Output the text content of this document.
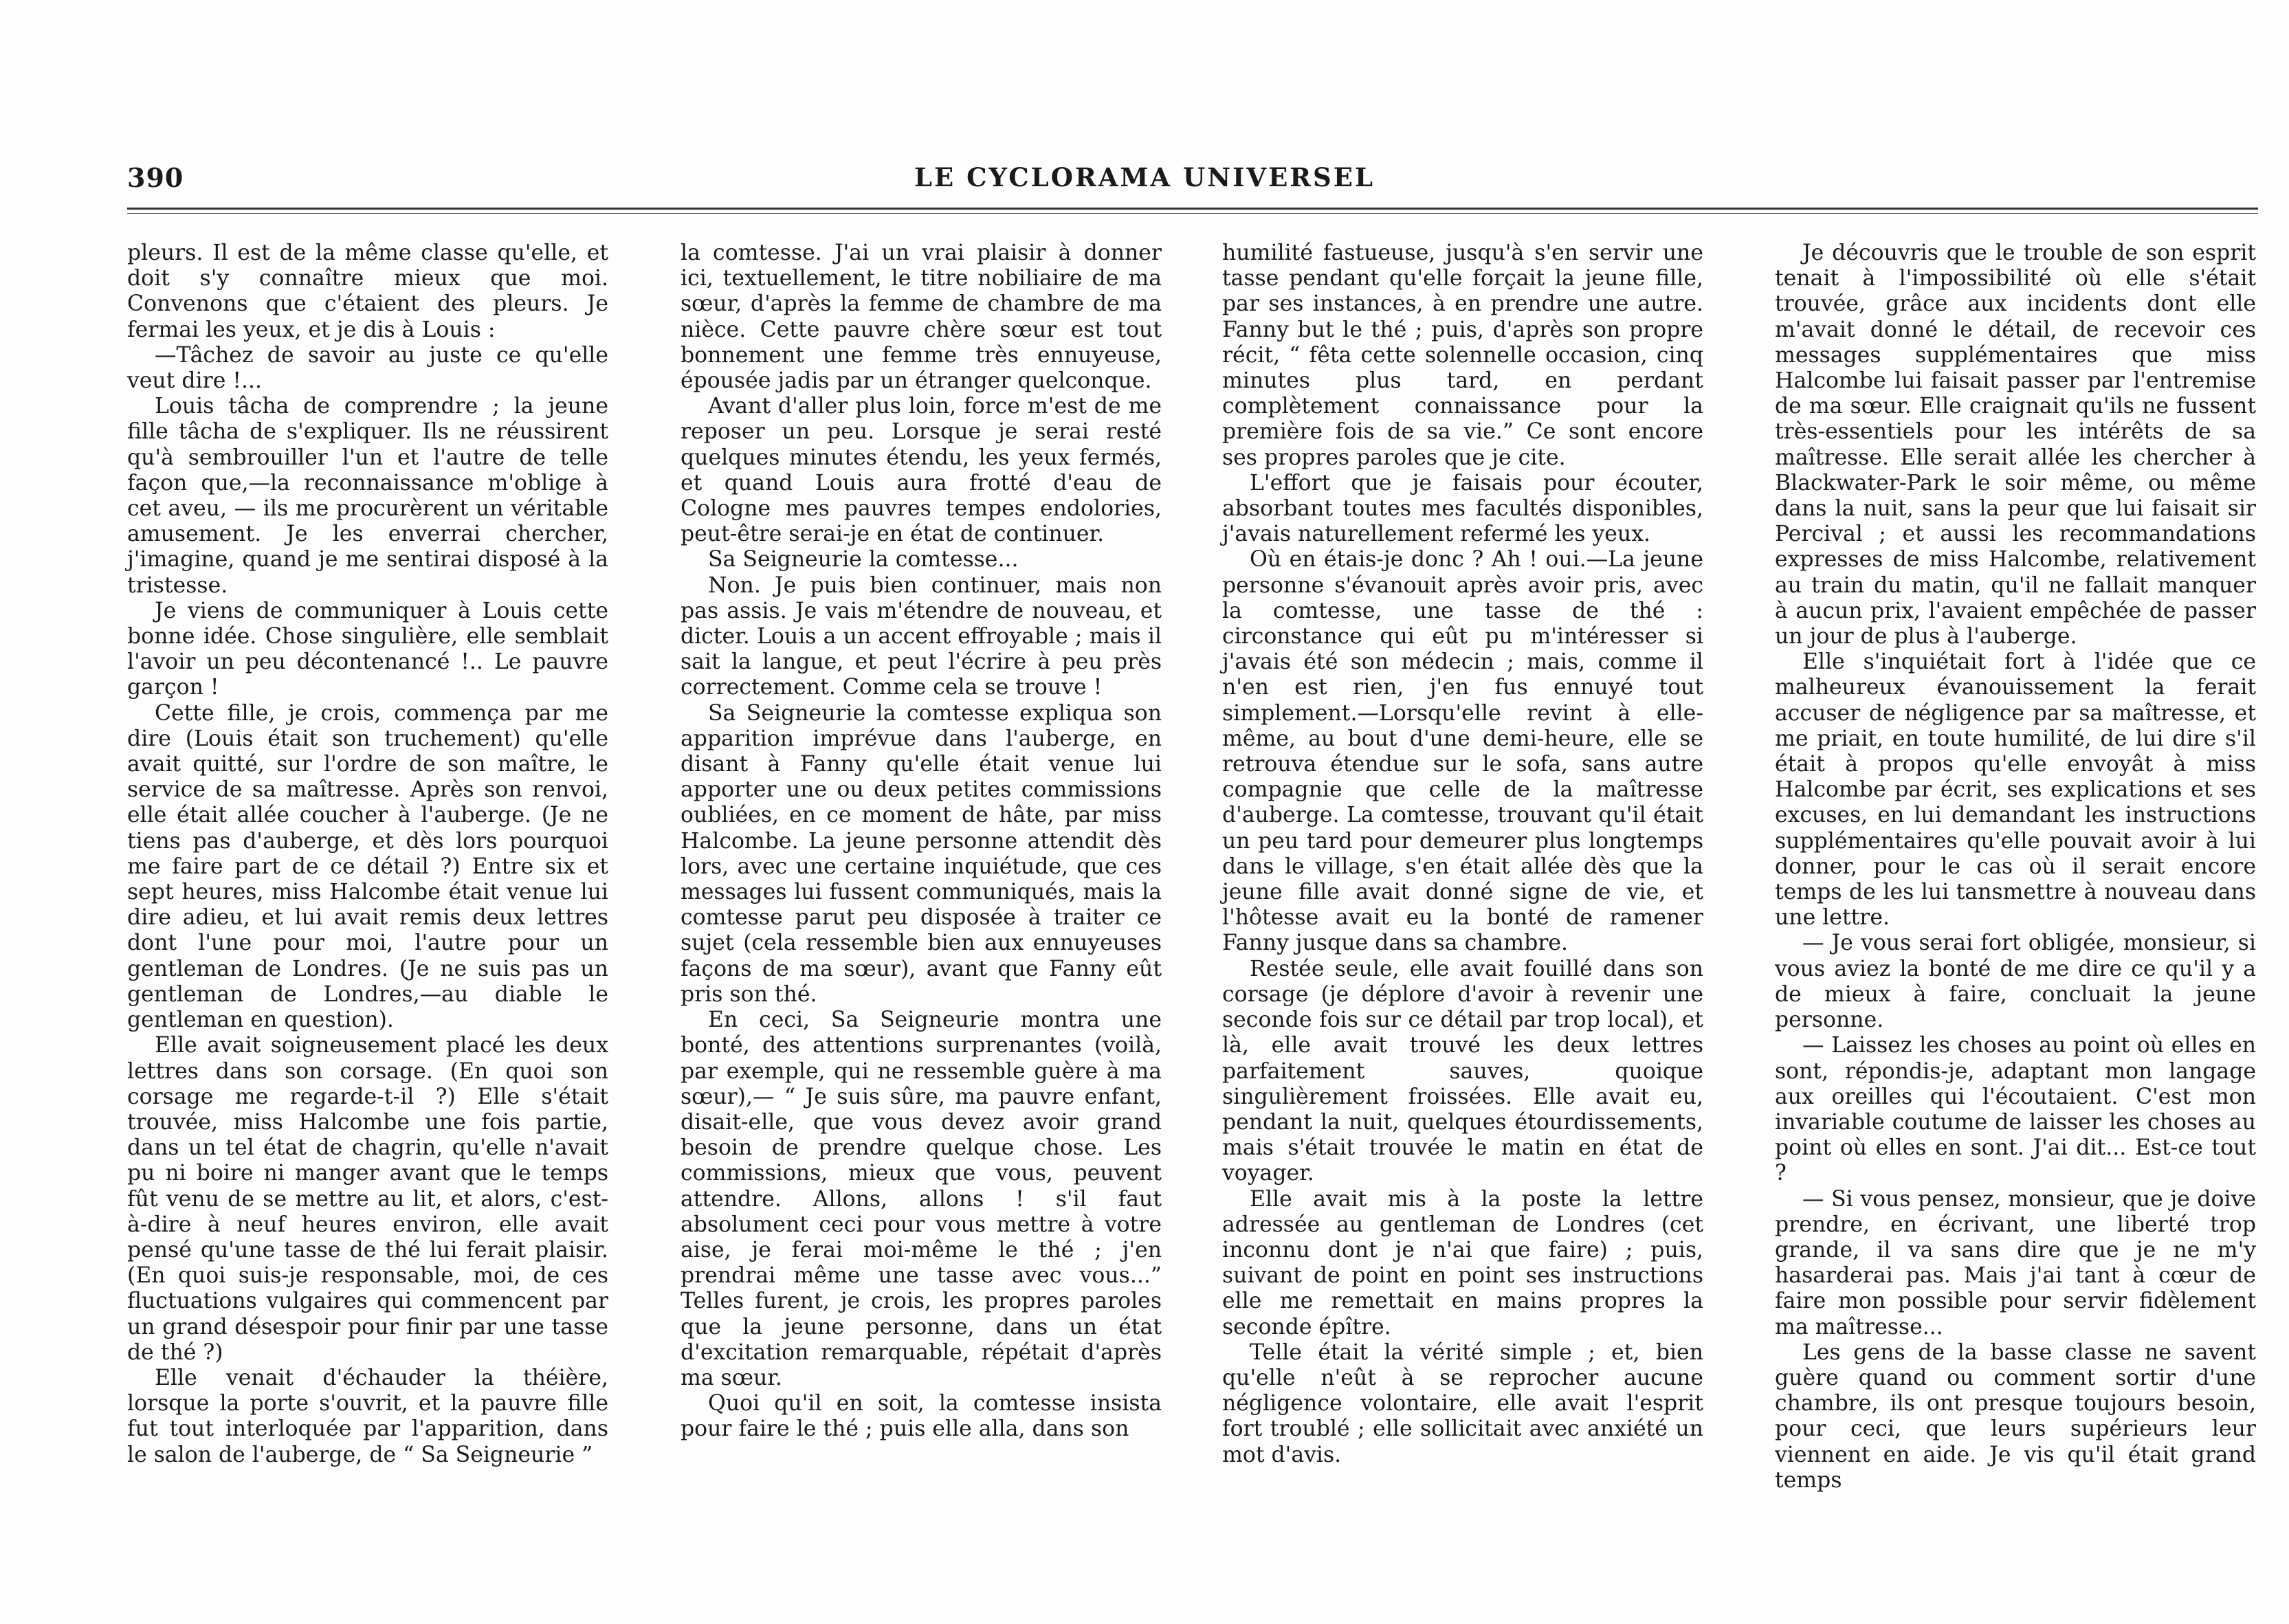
390	LE CYCLORAMA UNIVERSEL

pleurs. Il est de la même classe qu'elle, et doit s'y connaître mieux que moi. Convenons que c'étaient des pleurs. Je fermai les yeux, et je dis à Louis :

—Tâchez de savoir au juste ce qu'elle veut dire !...

Louis tâcha de comprendre ; la jeune fille tâcha de s'expliquer. Ils ne réussirent qu'à sembrouiller l'un et l'autre de telle façon que,—la reconnaissance m'oblige à cet aveu, — ils me procurèrent un véritable amusement. Je les enverrai chercher, j'imagine, quand je me sentirai disposé à la tristesse.

Je viens de communiquer à Louis cette bonne idée. Chose singulière, elle semblait l'avoir un peu décontenancé !.. Le pauvre garçon !

Cette fille, je crois, commença par me dire (Louis était son truchement) qu'elle avait quitté, sur l'ordre de son maître, le service de sa maîtresse. Après son renvoi, elle était allée coucher à l'auberge. (Je ne tiens pas d'auberge, et dès lors pourquoi me faire part de ce détail ?) Entre six et sept heures, miss Halcombe était venue lui dire adieu, et lui avait remis deux lettres dont l'une pour moi, l'autre pour un gentleman de Londres. (Je ne suis pas un gentleman de Londres,—au diable le gentleman en question).

Elle avait soigneusement placé les deux lettres dans son corsage. (En quoi son corsage me regarde-t-il ?) Elle s'était trouvée, miss Halcombe une fois partie, dans un tel état de chagrin, qu'elle n'avait pu ni boire ni manger avant que le temps fût venu de se mettre au lit, et alors, c'est-à-dire à neuf heures environ, elle avait pensé qu'une tasse de thé lui ferait plaisir. (En quoi suis-je responsable, moi, de ces fluctuations vulgaires qui commencent par un grand désespoir pour finir par une tasse de thé ?)

Elle venait d'échauder la théière, lorsque la porte s'ouvrit, et la pauvre fille fut tout interloquée par l'apparition, dans le salon de l'auberge, de “ Sa Seigneurie ”

la comtesse. J'ai un vrai plaisir à donner ici, textuellement, le titre nobiliaire de ma sœur, d'après la femme de chambre de ma nièce. Cette pauvre chère sœur est tout bonnement une femme très ennuyeuse, épousée jadis par un étranger quelconque.

Avant d'aller plus loin, force m'est de me reposer un peu. Lorsque je serai resté quelques minutes étendu, les yeux fermés, et quand Louis aura frotté d'eau de Cologne mes pauvres tempes endolories, peut-être serai-je en état de continuer.

Sa Seigneurie la comtesse...

Non. Je puis bien continuer, mais non pas assis. Je vais m'étendre de nouveau, et dicter. Louis a un accent effroyable ; mais il sait la langue, et peut l'écrire à peu près correctement. Comme cela se trouve !

Sa Seigneurie la comtesse expliqua son apparition imprévue dans l'auberge, en disant à Fanny qu'elle était venue lui apporter une ou deux petites commissions oubliées, en ce moment de hâte, par miss Halcombe. La jeune personne attendit dès lors, avec une certaine inquiétude, que ces messages lui fussent communiqués, mais la comtesse parut peu disposée à traiter ce sujet (cela ressemble bien aux ennuyeuses façons de ma sœur), avant que Fanny eût pris son thé.

En ceci, Sa Seigneurie montra une bonté, des attentions surprenantes (voilà, par exemple, qui ne ressemble guère à ma sœur),— “ Je suis sûre, ma pauvre enfant, disait-elle, que vous devez avoir grand besoin de prendre quelque chose. Les commissions, mieux que vous, peuvent attendre. Allons, allons ! s'il faut absolument ceci pour vous mettre à votre aise, je ferai moi-même le thé ; j'en prendrai même une tasse avec vous...” Telles furent, je crois, les propres paroles que la jeune personne, dans un état d'excitation remarquable, répétait d'après ma sœur.

Quoi qu'il en soit, la comtesse insista pour faire le thé ; puis elle alla, dans son

humilité fastueuse, jusqu'à s'en servir une tasse pendant qu'elle forçait la jeune fille, par ses instances, à en prendre une autre. Fanny but le thé ; puis, d'après son propre récit, “ fêta cette solennelle occasion, cinq minutes plus tard, en perdant complètement connaissance pour la première fois de sa vie.” Ce sont encore ses propres paroles que je cite.

L'effort que je faisais pour écouter, absorbant toutes mes facultés disponibles, j'avais naturellement refermé les yeux.

Où en étais-je donc ? Ah ! oui.—La jeune personne s'évanouit après avoir pris, avec la comtesse, une tasse de thé : circonstance qui eût pu m'intéresser si j'avais été son médecin ; mais, comme il n'en est rien, j'en fus ennuyé tout simplement.—Lorsqu'elle revint à elle-même, au bout d'une demi-heure, elle se retrouva étendue sur le sofa, sans autre compagnie que celle de la maîtresse d'auberge. La comtesse, trouvant qu'il était un peu tard pour demeurer plus longtemps dans le village, s'en était allée dès que la jeune fille avait donné signe de vie, et l'hôtesse avait eu la bonté de ramener Fanny jusque dans sa chambre.

Restée seule, elle avait fouillé dans son corsage (je déplore d'avoir à revenir une seconde fois sur ce détail par trop local), et là, elle avait trouvé les deux lettres parfaitement sauves, quoique singulièrement froissées. Elle avait eu, pendant la nuit, quelques étourdissements, mais s'était trouvée le matin en état de voyager.

Elle avait mis à la poste la lettre adressée au gentleman de Londres (cet inconnu dont je n'ai que faire) ; puis, suivant de point en point ses instructions elle me remettait en mains propres la seconde épître.

Telle était la vérité simple ; et, bien qu'elle n'eût à se reprocher aucune négligence volontaire, elle avait l'esprit fort troublé ; elle sollicitait avec anxiété un mot d'avis.

Je découvris que le trouble de son esprit tenait à l'impossibilité où elle s'était trouvée, grâce aux incidents dont elle m'avait donné le détail, de recevoir ces messages supplémentaires que miss Halcombe lui faisait passer par l'entremise de ma sœur. Elle craignait qu'ils ne fussent très-essentiels pour les intérêts de sa maîtresse. Elle serait allée les chercher à Blackwater-Park le soir même, ou même dans la nuit, sans la peur que lui faisait sir Percival ; et aussi les recommandations expresses de miss Halcombe, relativement au train du matin, qu'il ne fallait manquer à aucun prix, l'avaient empêchée de passer un jour de plus à l'auberge.

Elle s'inquiétait fort à l'idée que ce malheureux évanouissement la ferait accuser de négligence par sa maîtresse, et me priait, en toute humilité, de lui dire s'il était à propos qu'elle envoyât à miss Halcombe par écrit, ses explications et ses excuses, en lui demandant les instructions supplémentaires qu'elle pouvait avoir à lui donner, pour le cas où il serait encore temps de les lui tansmettre à nouveau dans une lettre.

— Je vous serai fort obligée, monsieur, si vous aviez la bonté de me dire ce qu'il y a de mieux à faire, concluait la jeune personne.

— Laissez les choses au point où elles en sont, répondis-je, adaptant mon langage aux oreilles qui l'écoutaient. C'est mon invariable coutume de laisser les choses au point où elles en sont. J'ai dit... Est-ce tout ?

— Si vous pensez, monsieur, que je doive prendre, en écrivant, une liberté trop grande, il va sans dire que je ne m'y hasarderai pas. Mais j'ai tant à cœur de faire mon possible pour servir fidèlement ma maîtresse...

Les gens de la basse classe ne savent guère quand ou comment sortir d'une chambre, ils ont presque toujours besoin, pour ceci, que leurs supérieurs leur viennent en aide. Je vis qu'il était grand temps
